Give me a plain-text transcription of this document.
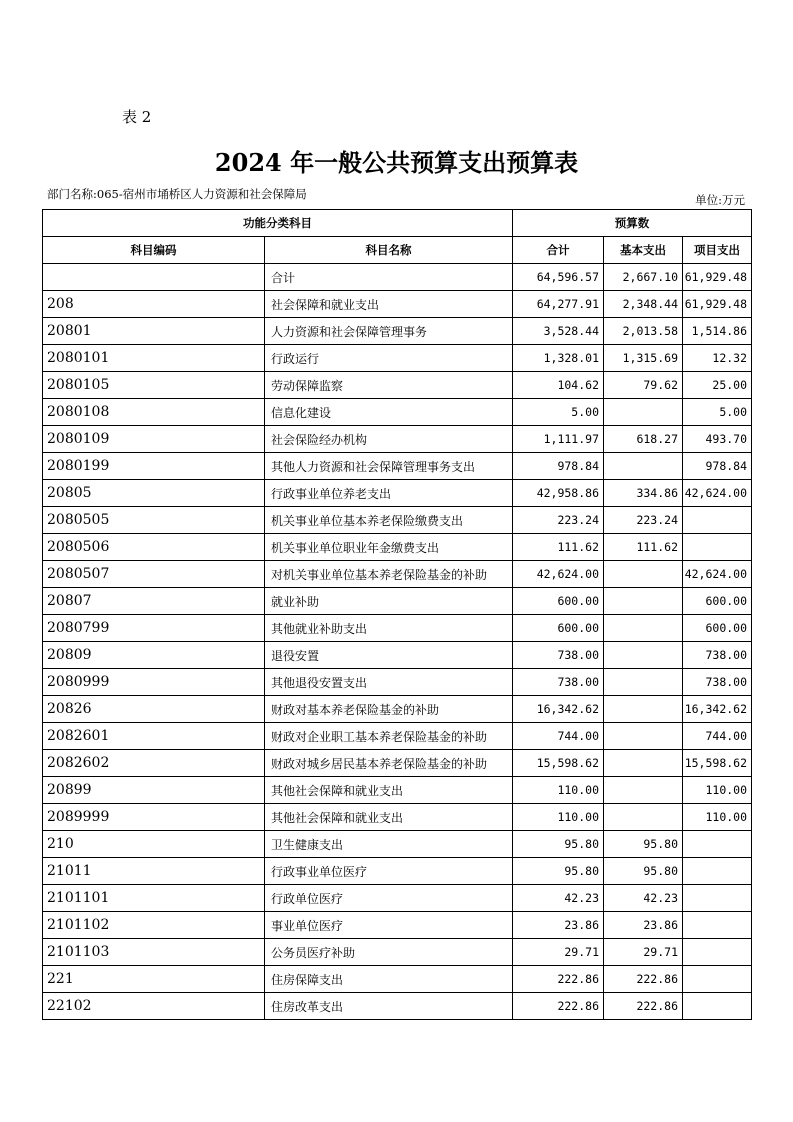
表 2
2024 年一般公共预算支出预算表
部门名称:065-宿州市埇桥区人力资源和社会保障局	单位:万元
功能分类科目		预算数		
科目编码	科目名称	合计	基本支出	项目支出
	合计	64,596.57	2,667.10	61,929.48
208	社会保障和就业支出	64,277.91	2,348.44	61,929.48
20801	人力资源和社会保障管理事务	3,528.44	2,013.58	1,514.86
2080101	行政运行	1,328.01	1,315.69	12.32
2080105	劳动保障监察	104.62	79.62	25.00
2080108	信息化建设	5.00		5.00
2080109	社会保险经办机构	1,111.97	618.27	493.70
2080199	其他人力资源和社会保障管理事务支出	978.84		978.84
20805	行政事业单位养老支出	42,958.86	334.86	42,624.00
2080505	机关事业单位基本养老保险缴费支出	223.24	223.24	
2080506	机关事业单位职业年金缴费支出	111.62	111.62	
2080507	对机关事业单位基本养老保险基金的补助	42,624.00		42,624.00
20807	就业补助	600.00		600.00
2080799	其他就业补助支出	600.00		600.00
20809	退役安置	738.00		738.00
2080999	其他退役安置支出	738.00		738.00
20826	财政对基本养老保险基金的补助	16,342.62		16,342.62
2082601	财政对企业职工基本养老保险基金的补助	744.00		744.00
2082602	财政对城乡居民基本养老保险基金的补助	15,598.62		15,598.62
20899	其他社会保障和就业支出	110.00		110.00
2089999	其他社会保障和就业支出	110.00		110.00
210	卫生健康支出	95.80	95.80	
21011	行政事业单位医疗	95.80	95.80	
2101101	行政单位医疗	42.23	42.23	
2101102	事业单位医疗	23.86	23.86	
2101103	公务员医疗补助	29.71	29.71	
221	住房保障支出	222.86	222.86	
22102	住房改革支出	222.86	222.86	
